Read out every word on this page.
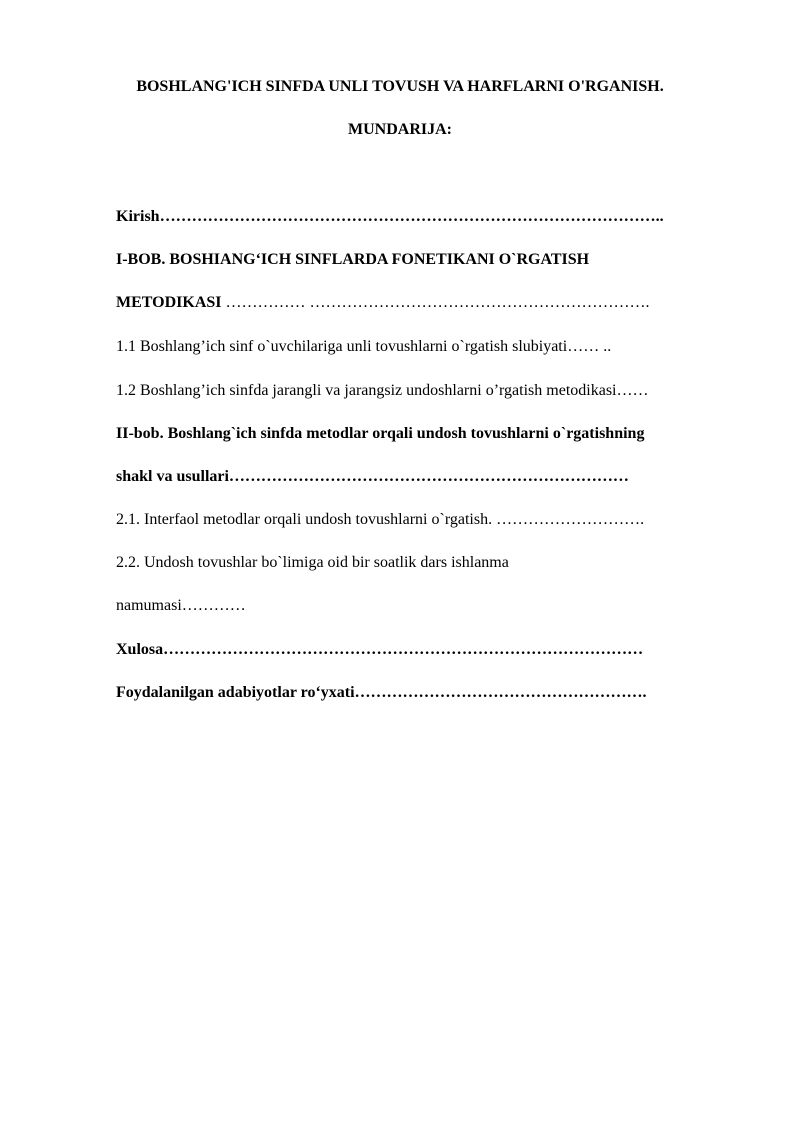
BOSHLANG'ICH SINFDA UNLI TOVUSH VA HARFLARNI O'RGANISH.
MUNDARIJA:
Kirish…………………………………………………………………………………..
I-BOB. BOSHIANG‘ICH SINFLARDA FONETIKANI O`RGATISH
METODIKASI …………… ……………………………………………………….
1.1 Boshlang’ich sinf o`uvchilariga unli tovushlarni o`rgatish slubiyati…… ..
1.2 Boshlang’ich sinfda jarangli va jarangsiz undoshlarni o’rgatish metodikasi……
II-bob. Boshlang`ich sinfda metodlar orqali undosh tovushlarni o`rgatishning
shakl va usullari…………………………………………………………………
2.1. Interfaol metodlar orqali undosh tovushlarni o`rgatish. ……………………….
2.2. Undosh tovushlar bo`limiga oid bir soatlik dars ishlanma
namumasi…………
Xulosa………………………………………………………………………………
Foydalanilgan adabiyotlar ro‘yxati……………………………………………….
